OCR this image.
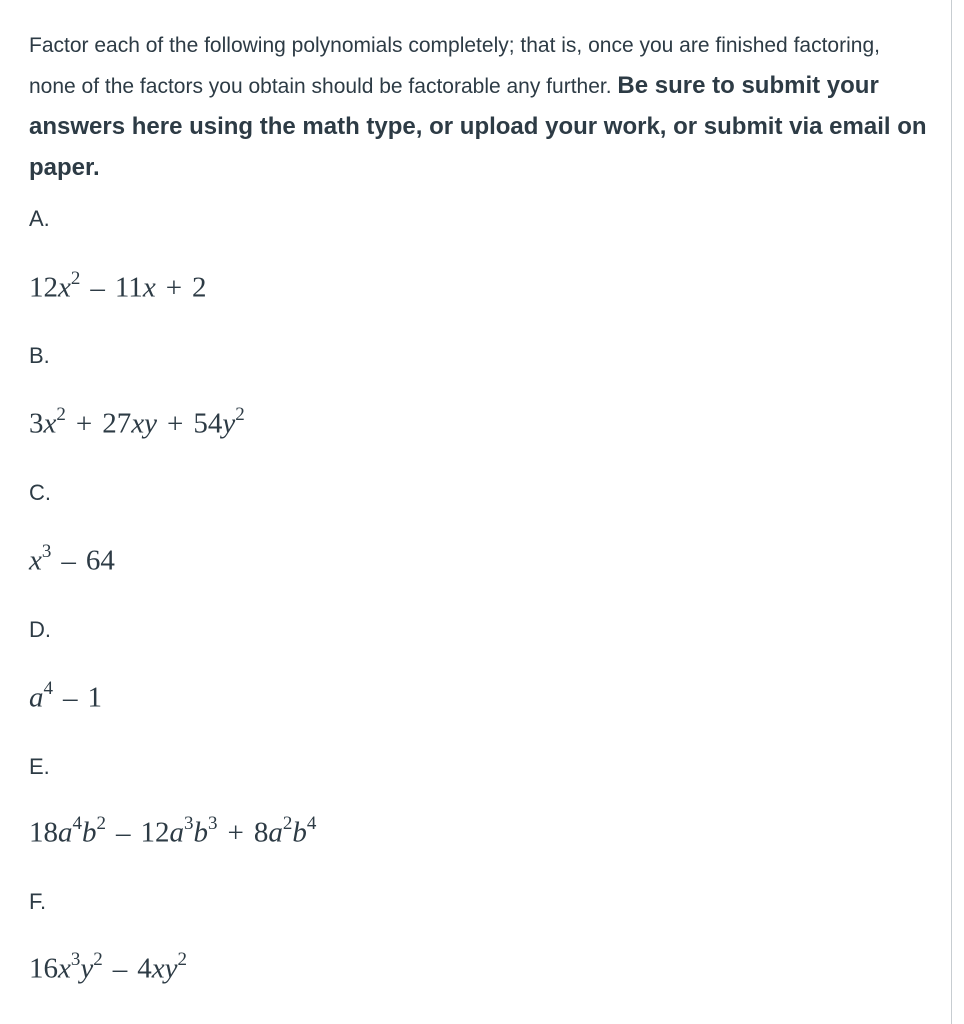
Factor each of the following polynomials completely; that is, once you are finished factoring, none of the factors you obtain should be factorable any further. Be sure to submit your answers here using the math type, or upload your work, or submit via email on paper.

A.
$12x^2 - 11x + 2$
B.
$3x^2 + 27xy + 54y^2$
C.
$x^3 - 64$
D.
$a^4 - 1$
E.
$18a^4b^2 - 12a^3b^3 + 8a^2b^4$
F.
$16x^3y^2 - 4xy^2$
